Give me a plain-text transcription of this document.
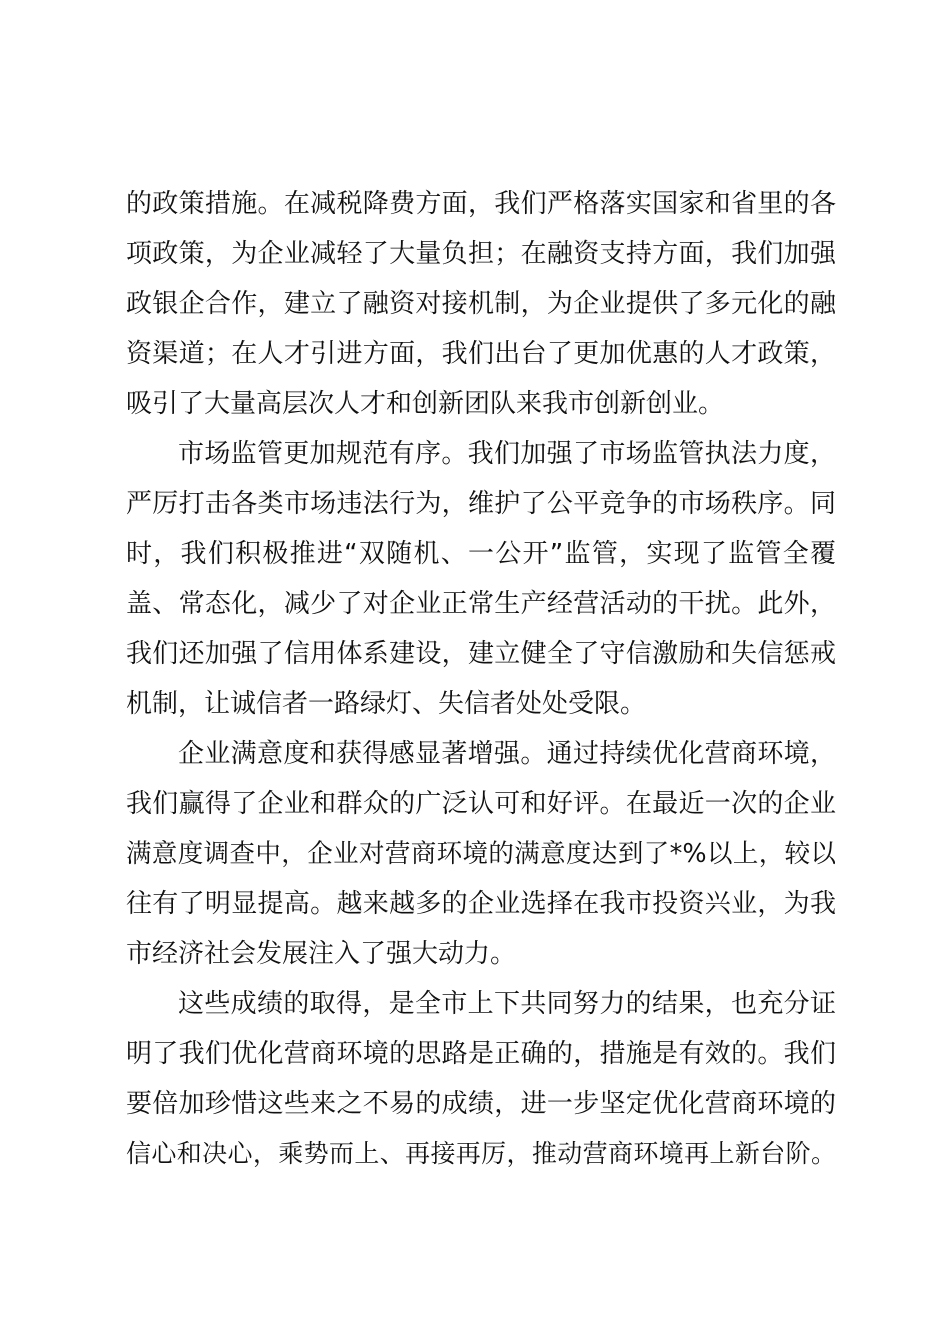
的政策措施。在减税降费方面，我们严格落实国家和省里的各
项政策，为企业减轻了大量负担；在融资支持方面，我们加强
政银企合作，建立了融资对接机制，为企业提供了多元化的融
资渠道；在人才引进方面，我们出台了更加优惠的人才政策，
吸引了大量高层次人才和创新团队来我市创新创业。
市场监管更加规范有序。我们加强了市场监管执法力度，
严厉打击各类市场违法行为，维护了公平竞争的市场秩序。同
时，我们积极推进“双随机、一公开”监管，实现了监管全覆
盖、常态化，减少了对企业正常生产经营活动的干扰。此外，
我们还加强了信用体系建设，建立健全了守信激励和失信惩戒
机制，让诚信者一路绿灯、失信者处处受限。
企业满意度和获得感显著增强。通过持续优化营商环境，
我们赢得了企业和群众的广泛认可和好评。在最近一次的企业
满意度调查中，企业对营商环境的满意度达到了*%以上，较以
往有了明显提高。越来越多的企业选择在我市投资兴业，为我
市经济社会发展注入了强大动力。
这些成绩的取得，是全市上下共同努力的结果，也充分证
明了我们优化营商环境的思路是正确的，措施是有效的。我们
要倍加珍惜这些来之不易的成绩，进一步坚定优化营商环境的
信心和决心，乘势而上、再接再厉，推动营商环境再上新台阶。
